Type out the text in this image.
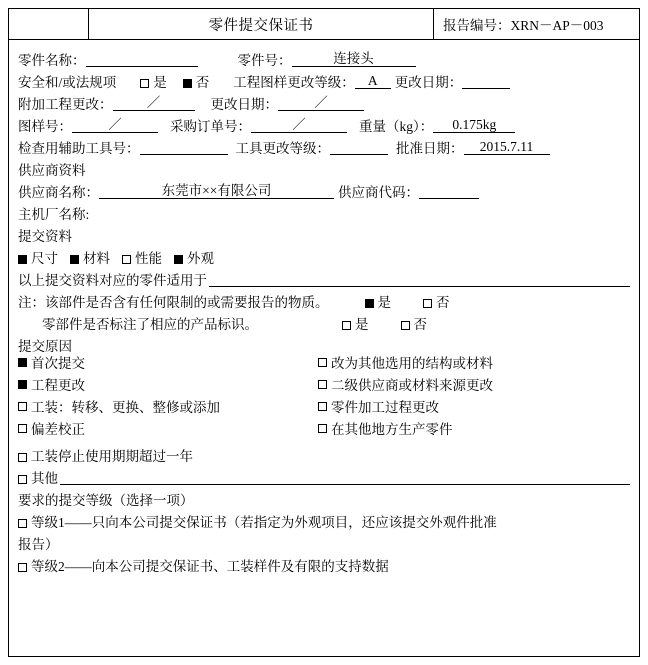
零件提交保证书	报告编号： XRN－AP－003
零件名称：	零件号：	连接头
安全和/或法规项	是 否 工程图样更改等级： A	更改日期：
附加工程更改：	／	更改日期：	／
图样号：	／	采购订单号：	／	重量（kg）：	0.175kg
检查用辅助工具号：	工具更改等级：	批准日期：	2015.7.11
供应商资料
供应商名称：	东莞市××有限公司	供应商代码：
主机厂名称:
提交资料
尺寸 材料 性能 外观
以上提交资料对应的零件适用于
注：该部件是否含有任何限制的或需要报告的物质。	是	否
零部件是否标注了相应的产品标识。	是	否
提交原因
首次提交
工程更改
工装：转移、更换、整修或添加
偏差校正
改为其他选用的结构或材料
二级供应商或材料来源更改
零件加工过程更改
在其他地方生产零件
工装停止使用期期超过一年
其他
要求的提交等级（选择一项）
等级1——只向本公司提交保证书（若指定为外观项目，还应该提交外观件批准
报告）
等级2——向本公司提交保证书、工装样件及有限的支持数据
